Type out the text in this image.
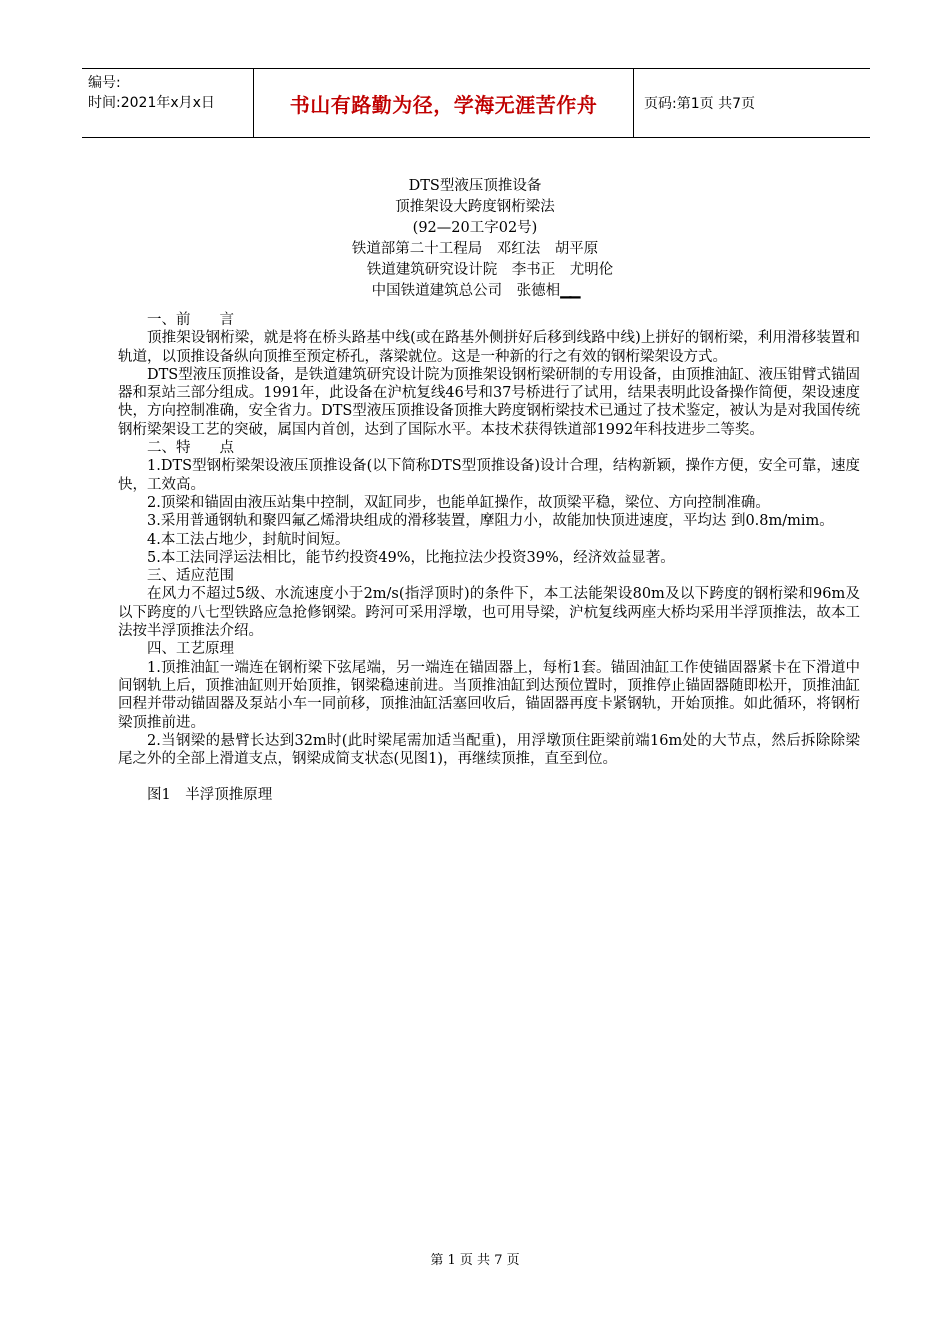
编号:
时间:2021年x月x日	书山有路勤为径，学海无涯苦作舟	页码:第1页 共7页
DTS型液压顶推设备
顶推架设大跨度钢桁梁法
(92—20工字02号)
铁道部第二十工程局　邓红法　胡平原
铁道建筑研究设计院　李书正　尤明伦
中国铁道建筑总公司　张德相▁▁

一、前　　言

顶推架设钢桁梁，就是将在桥头路基中线(或在路基外侧拼好后移到线路中线)上拼好的钢桁梁，利用滑移装置和轨道，以顶推设备纵向顶推至预定桥孔，落梁就位。这是一种新的行之有效的钢桁梁架设方式。

DTS型液压顶推设备，是铁道建筑研究设计院为顶推架设钢桁梁研制的专用设备，由顶推油缸、液压钳臂式锚固器和泵站三部分组成。1991年，此设备在沪杭复线46号和37号桥进行了试用，结果表明此设备操作简便，架设速度快，方向控制准确，安全省力。DTS型液压顶推设备顶推大跨度钢桁梁技术已通过了技术鉴定，被认为是对我国传统钢桁梁架设工艺的突破，属国内首创，达到了国际水平。本技术获得铁道部1992年科技进步二等奖。

二、特　　点

1.DTS型钢桁梁架设液压顶推设备(以下简称DTS型顶推设备)设计合理，结构新颖，操作方便，安全可靠，速度快，工效高。

2.顶梁和锚固由液压站集中控制，双缸同步，也能单缸操作，故顶梁平稳，梁位、方向控制准确。

3.采用普通钢轨和聚四氟乙烯滑块组成的滑移装置，摩阻力小，故能加快顶进速度，平均达 到0.8m/mim。

4.本工法占地少，封航时间短。

5.本工法同浮运法相比，能节约投资49%，比拖拉法少投资39%，经济效益显著。

三、适应范围

在风力不超过5级、水流速度小于2m/s(指浮顶时)的条件下，本工法能架设80m及以下跨度的钢桁梁和96m及以下跨度的八七型铁路应急抢修钢梁。跨河可采用浮墩，也可用导梁，沪杭复线两座大桥均采用半浮顶推法，故本工法按半浮顶推法介绍。

四、工艺原理

1.顶推油缸一端连在钢桁梁下弦尾端，另一端连在锚固器上，每桁1套。锚固油缸工作使锚固器紧卡在下滑道中间钢轨上后，顶推油缸则开始顶推，钢梁稳速前进。当顶推油缸到达预位置时，顶推停止锚固器随即松开，顶推油缸回程并带动锚固器及泵站小车一同前移，顶推油缸活塞回收后，锚固器再度卡紧钢轨，开始顶推。如此循环，将钢桁梁顶推前进。

2.当钢梁的悬臂长达到32m时(此时梁尾需加适当配重)，用浮墩顶住距梁前端16m处的大节点，然后拆除除梁尾之外的全部上滑道支点，钢梁成简支状态(见图1)，再继续顶推，直至到位。

图1　半浮顶推原理

第 1 页 共 7 页
